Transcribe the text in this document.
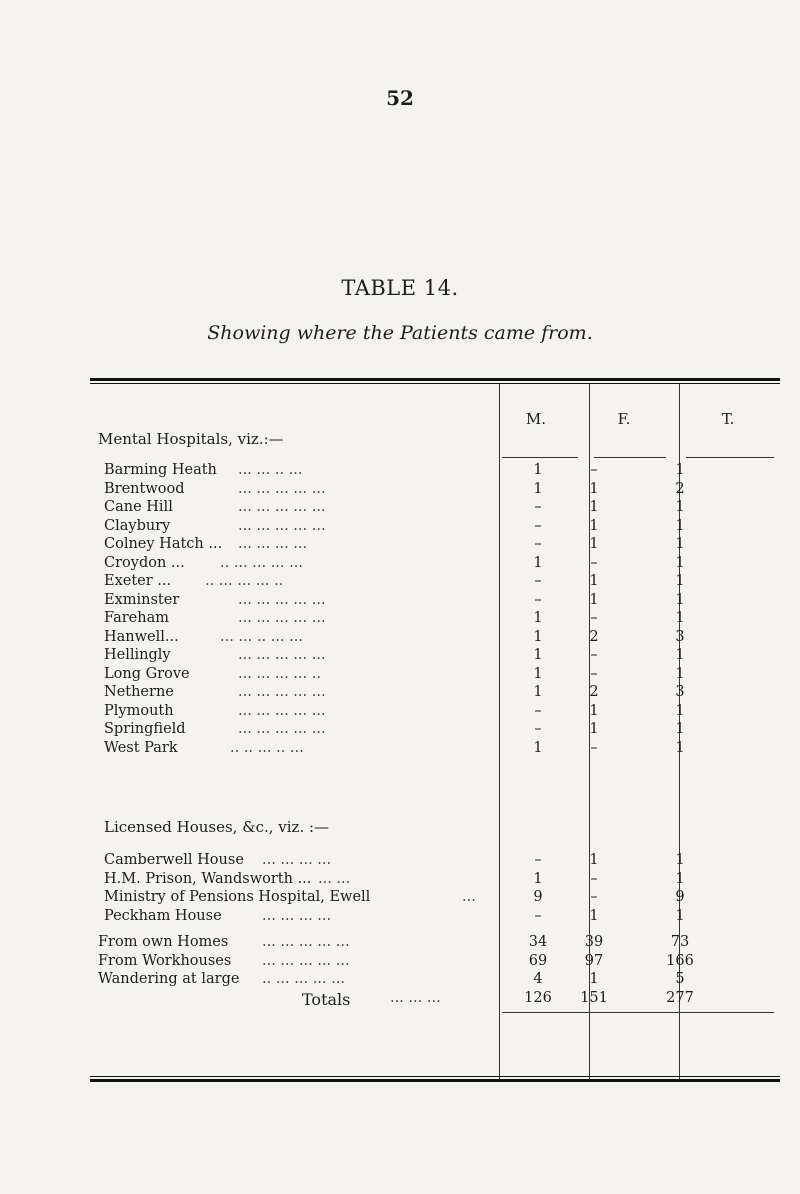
52
TABLE 14.
Showing where the Patients came from.
M.	F.	T.
Mental Hospitals, viz.:—
Licensed Houses, &c., viz. :—
Barming Heath ... ... .. ...	1	–	1
Brentwood	... ... ... ... ...	1	1	2
Cane Hill	... ... ... ... ...	–	1	1
Claybury	... ... ... ... ...	–	1	1
Colney Hatch ... ... ... ... ...	–	1	1
Croydon ... .. ... ... ... ...	1	–	1
Exeter ... .. ... ... ... ..	–	1	1
Exminster	... ... ... ... ...	–	1	1
Fareham	... ... ... ... ...	1	–	1
Hanwell...	... ... .. ... ...	1	2	3
Hellingly	... ... ... ... ...	1	–	1
Long Grove	... ... ... ... ..	1	–	1
Netherne	... ... ... ... ...	1	2	3
Plymouth	... ... ... ... ...	–	1	1
Springfield	... ... ... ... ...	–	1	1
West Park	.. .. ... .. ...	1	–	1
Camberwell House ... ... ... ...	–	1	1
H.M. Prison, Wandsworth ... ... ...	1	–	1
Ministry of Pensions Hospital, Ewell	...	9	–	9
Peckham House	... ... ... ...	–	1	1
From own Homes ... ... ... ... ...	34	39	73
From Workhouses ... ... ... ... ...	69	97	166
Wandering at large .. ... ... ... ...	4	1	5
Totals	... ... ...	126	151	277
